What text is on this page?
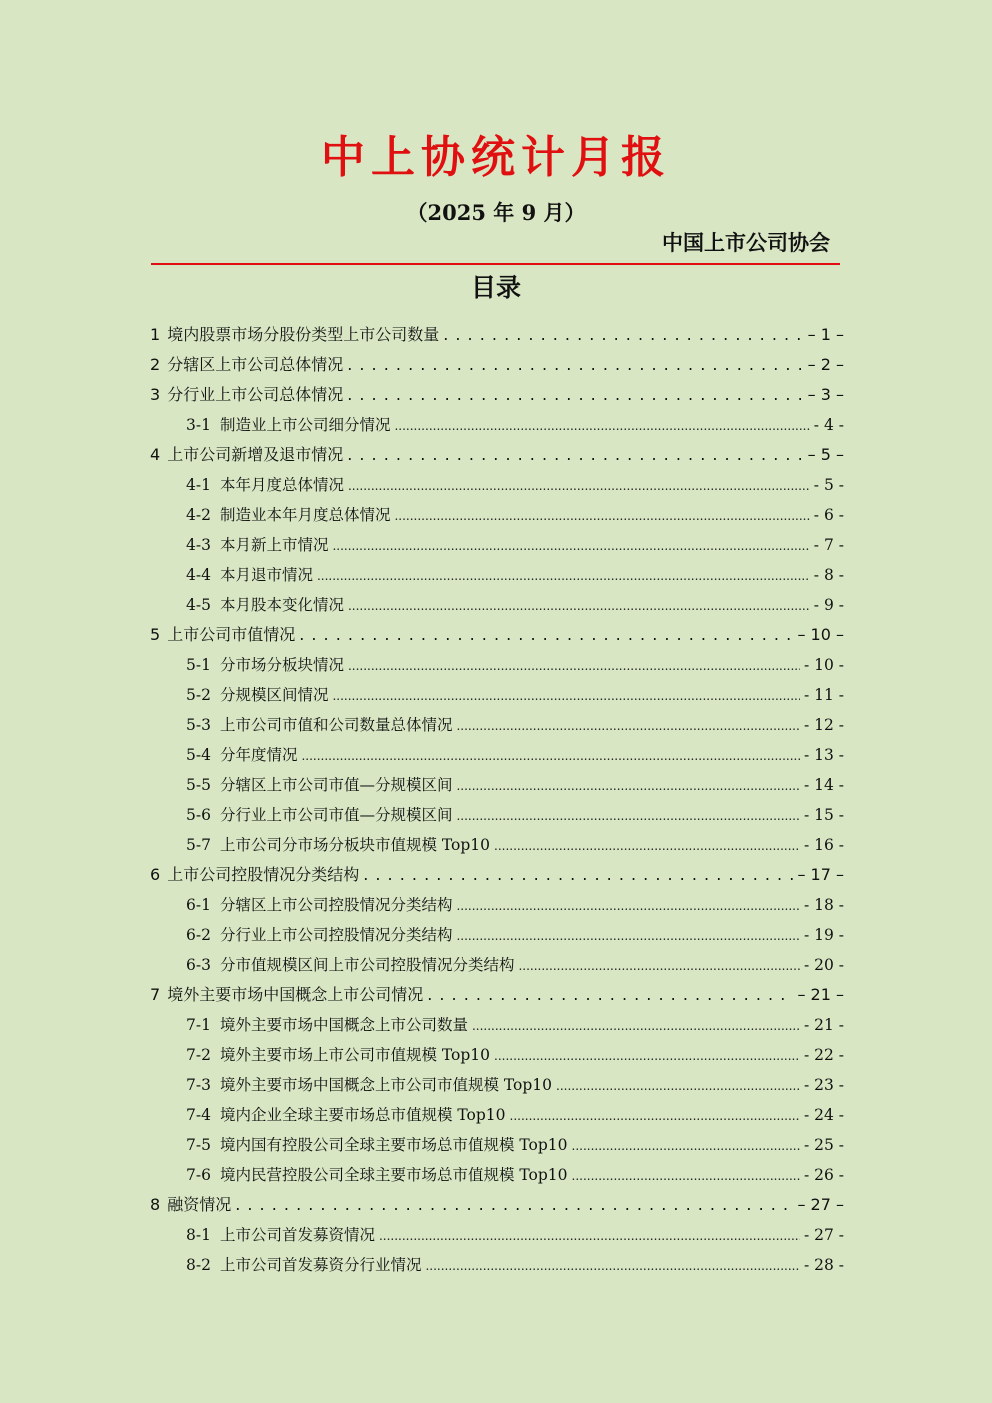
中上协统计月报
（2025 年 9 月）
中国上市公司协会
目录
1 境内股票市场分股份类型上市公司数量 . . .	– 1 –
2 分辖区上市公司总体情况 . . .	– 2 –
3 分行业上市公司总体情况 . . .	– 3 –
3-1 制造业上市公司细分情况 .....	- 4 -
4 上市公司新增及退市情况 . . .	– 5 –
4-1 本年月度总体情况 .....	- 5 -
4-2 制造业本年月度总体情况 .....	- 6 -
4-3 本月新上市情况 .....	- 7 -
4-4 本月退市情况 .....	- 8 -
4-5 本月股本变化情况 .....	- 9 -
5 上市公司市值情况 . . .	– 10 –
5-1 分市场分板块情况 .....	- 10 -
5-2 分规模区间情况 .....	- 11 -
5-3 上市公司市值和公司数量总体情况 .....	- 12 -
5-4 分年度情况 .....	- 13 -
5-5 分辖区上市公司市值—分规模区间 .....	- 14 -
5-6 分行业上市公司市值—分规模区间 .....	- 15 -
5-7 上市公司分市场分板块市值规模 Top10 .....	- 16 -
6 上市公司控股情况分类结构 . . .	– 17 –
6-1 分辖区上市公司控股情况分类结构 .....	- 18 -
6-2 分行业上市公司控股情况分类结构 .....	- 19 -
6-3 分市值规模区间上市公司控股情况分类结构 .....	- 20 -
7 境外主要市场中国概念上市公司情况 . . .	– 21 –
7-1 境外主要市场中国概念上市公司数量 .....	- 21 -
7-2 境外主要市场上市公司市值规模 Top10 .....	- 22 -
7-3 境外主要市场中国概念上市公司市值规模 Top10 .....	- 23 -
7-4 境内企业全球主要市场总市值规模 Top10 .....	- 24 -
7-5 境内国有控股公司全球主要市场总市值规模 Top10 .....	- 25 -
7-6 境内民营控股公司全球主要市场总市值规模 Top10 .....	- 26 -
8 融资情况 . . .	– 27 –
8-1 上市公司首发募资情况 .....	- 27 -
8-2 上市公司首发募资分行业情况 .....	- 28 -
